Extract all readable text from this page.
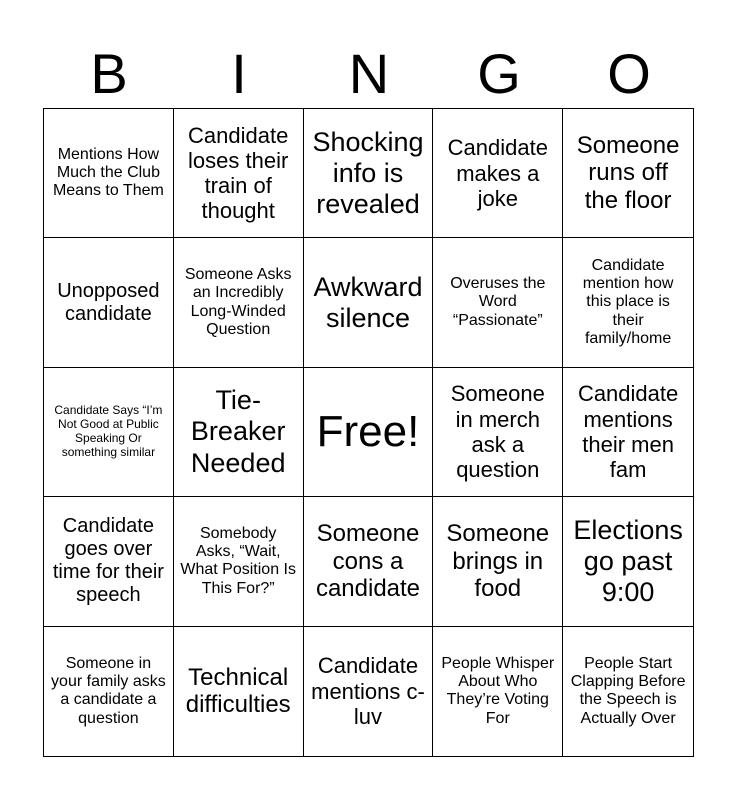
B	I	N	G	O
Mentions How Much the Club Means to Them
Candidate loses their train of thought
Shocking info is revealed
Candidate makes a joke
Someone runs off the floor
Unopposed candidate
Someone Asks an Incredibly Long-Winded Question
Awkward silence
Overuses the Word “Passionate”
Candidate mention how this place is their family/home
Candidate Says “I’m Not Good at Public Speaking Or something similar
Tie-Breaker Needed
Free!
Someone in merch ask a question
Candidate mentions their men fam
Candidate goes over time for their speech
Somebody Asks, “Wait, What Position Is This For?”
Someone cons a candidate
Someone brings in food
Elections go past 9:00
Someone in your family asks a candidate a question
Technical difficulties
Candidate mentions c-luv
People Whisper About Who They’re Voting For
People Start Clapping Before the Speech is Actually Over
